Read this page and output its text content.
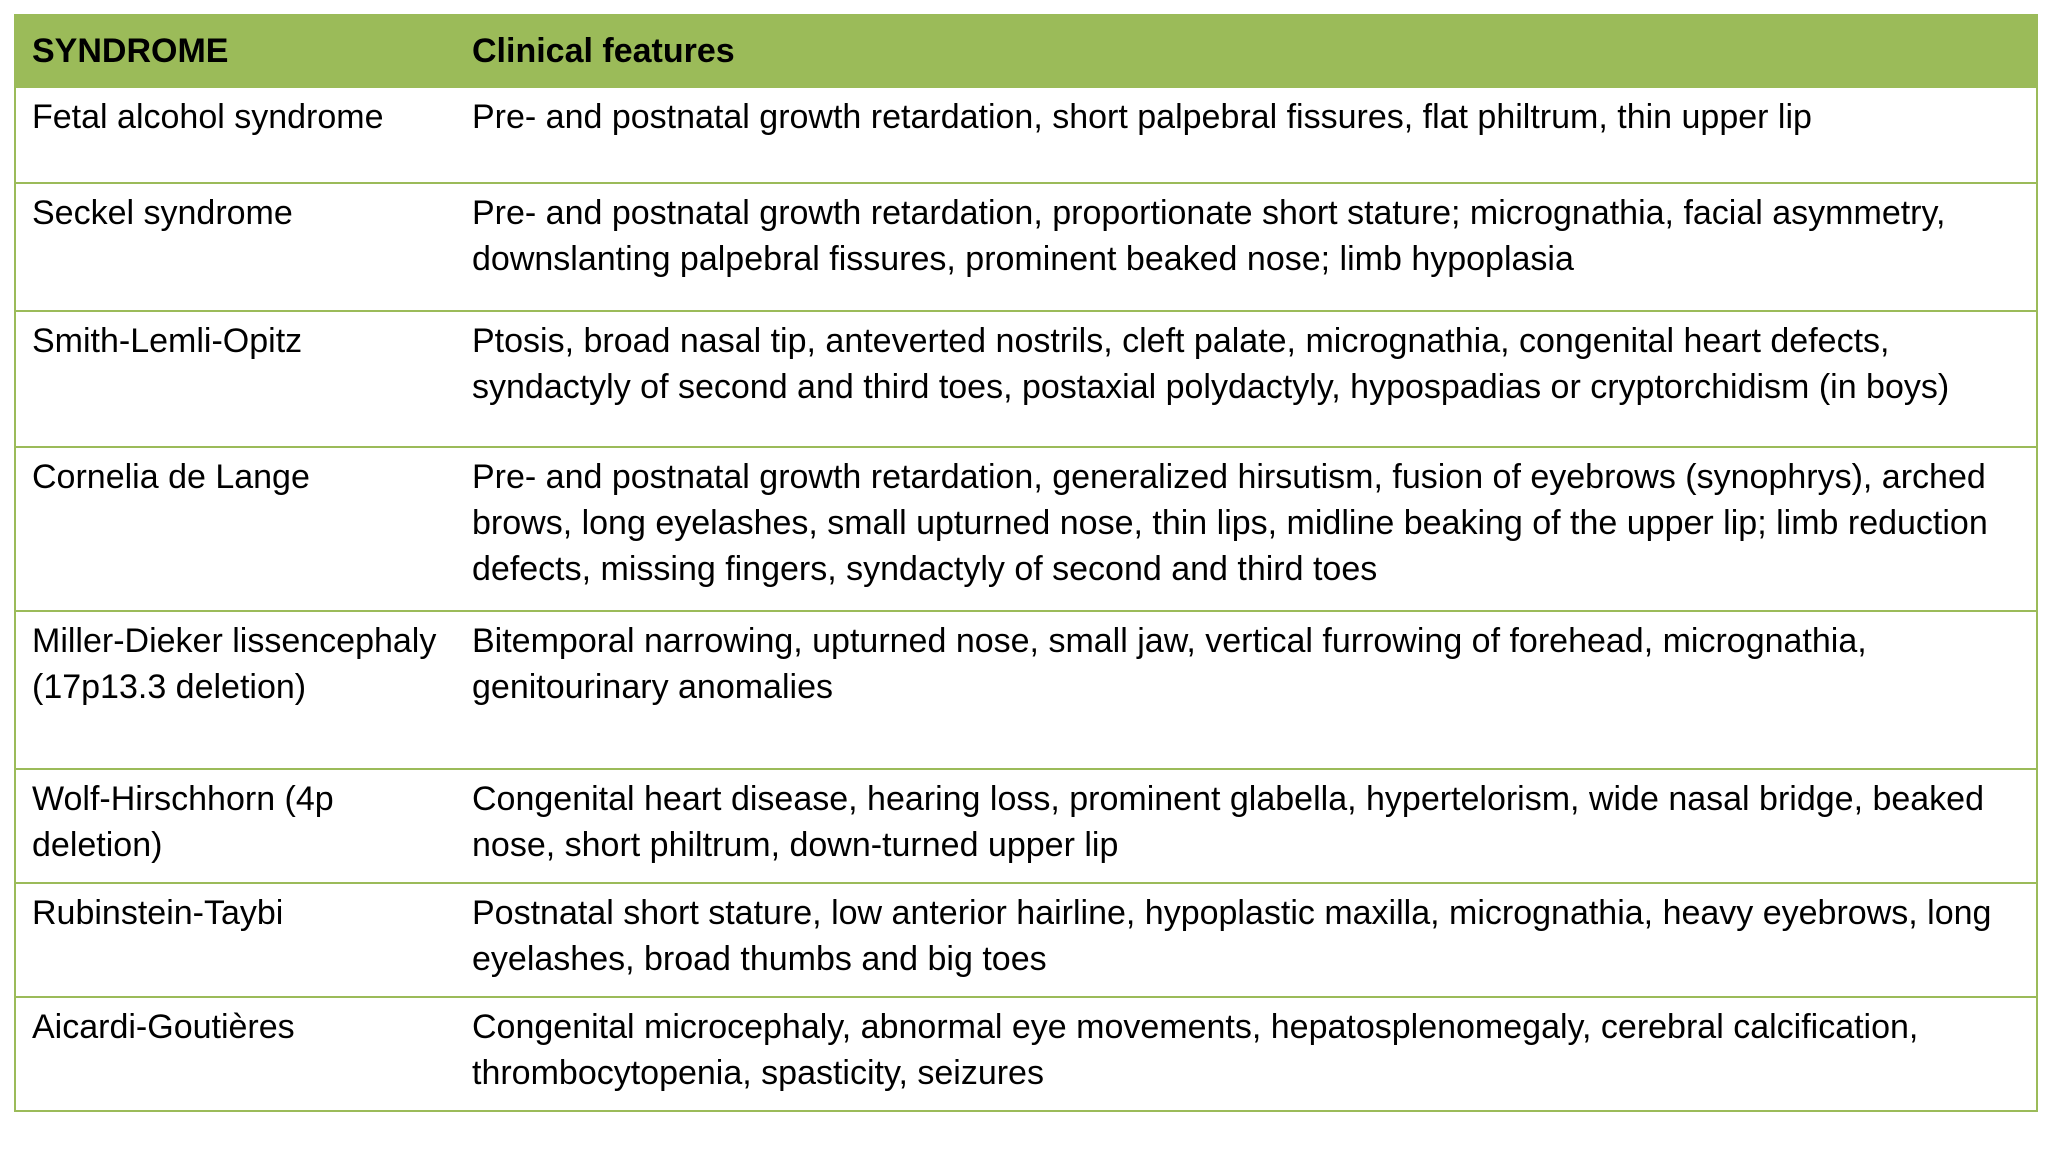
SYNDROME	Clinical features
Fetal alcohol syndrome	Pre- and postnatal growth retardation, short palpebral fissures, flat philtrum, thin upper lip
Seckel syndrome	Pre- and postnatal growth retardation, proportionate short stature; micrognathia, facial asymmetry, downslanting palpebral fissures, prominent beaked nose; limb hypoplasia
Smith-Lemli-Opitz	Ptosis, broad nasal tip, anteverted nostrils, cleft palate, micrognathia, congenital heart defects, syndactyly of second and third toes, postaxial polydactyly, hypospadias or cryptorchidism (in boys)
Cornelia de Lange	Pre- and postnatal growth retardation, generalized hirsutism, fusion of eyebrows (synophrys), arched brows, long eyelashes, small upturned nose, thin lips, midline beaking of the upper lip; limb reduction defects, missing fingers, syndactyly of second and third toes
Miller-Dieker lissencephaly (17p13.3 deletion)	Bitemporal narrowing, upturned nose, small jaw, vertical furrowing of forehead, micrognathia, genitourinary anomalies
Wolf-Hirschhorn (4p deletion)	Congenital heart disease, hearing loss, prominent glabella, hypertelorism, wide nasal bridge, beaked nose, short philtrum, down-turned upper lip
Rubinstein-Taybi	Postnatal short stature, low anterior hairline, hypoplastic maxilla, micrognathia, heavy eyebrows, long eyelashes, broad thumbs and big toes
Aicardi-Goutières	Congenital microcephaly, abnormal eye movements, hepatosplenomegaly, cerebral calcification, thrombocytopenia, spasticity, seizures
